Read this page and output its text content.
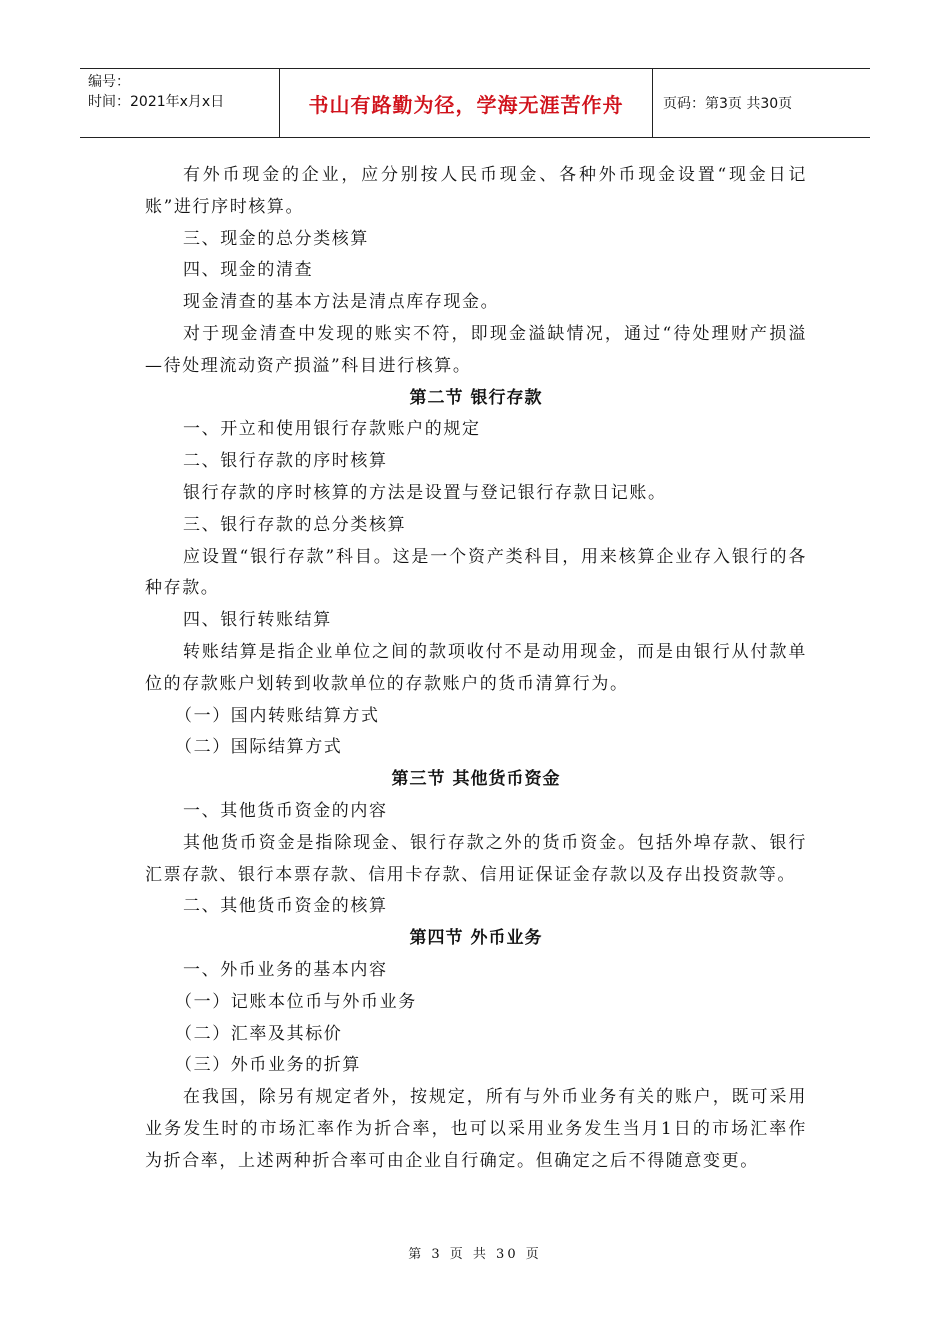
编号：
时间：2021年x月x日	书山有路勤为径，学海无涯苦作舟	页码：第3页 共30页

有外币现金的企业，应分别按人民币现金、各种外币现金设置“现金日记账”进行序时核算。

三、现金的总分类核算

四、现金的清查

现金清查的基本方法是清点库存现金。

对于现金清查中发现的账实不符，即现金溢缺情况，通过“待处理财产损溢—待处理流动资产损溢”科目进行核算。

第二节 银行存款

一、开立和使用银行存款账户的规定

二、银行存款的序时核算

银行存款的序时核算的方法是设置与登记银行存款日记账。

三、银行存款的总分类核算

应设置“银行存款”科目。这是一个资产类科目，用来核算企业存入银行的各种存款。

四、银行转账结算

转账结算是指企业单位之间的款项收付不是动用现金，而是由银行从付款单位的存款账户划转到收款单位的存款账户的货币清算行为。

（一）国内转账结算方式

（二）国际结算方式

第三节 其他货币资金

一、其他货币资金的内容

其他货币资金是指除现金、银行存款之外的货币资金。包括外埠存款、银行汇票存款、银行本票存款、信用卡存款、信用证保证金存款以及存出投资款等。

二、其他货币资金的核算

第四节 外币业务

一、外币业务的基本内容

（一）记账本位币与外币业务

（二）汇率及其标价

（三）外币业务的折算

在我国，除另有规定者外，按规定，所有与外币业务有关的账户，既可采用业务发生时的市场汇率作为折合率，也可以采用业务发生当月1日的市场汇率作为折合率，上述两种折合率可由企业自行确定。但确定之后不得随意变更。

第 3 页 共 30 页
